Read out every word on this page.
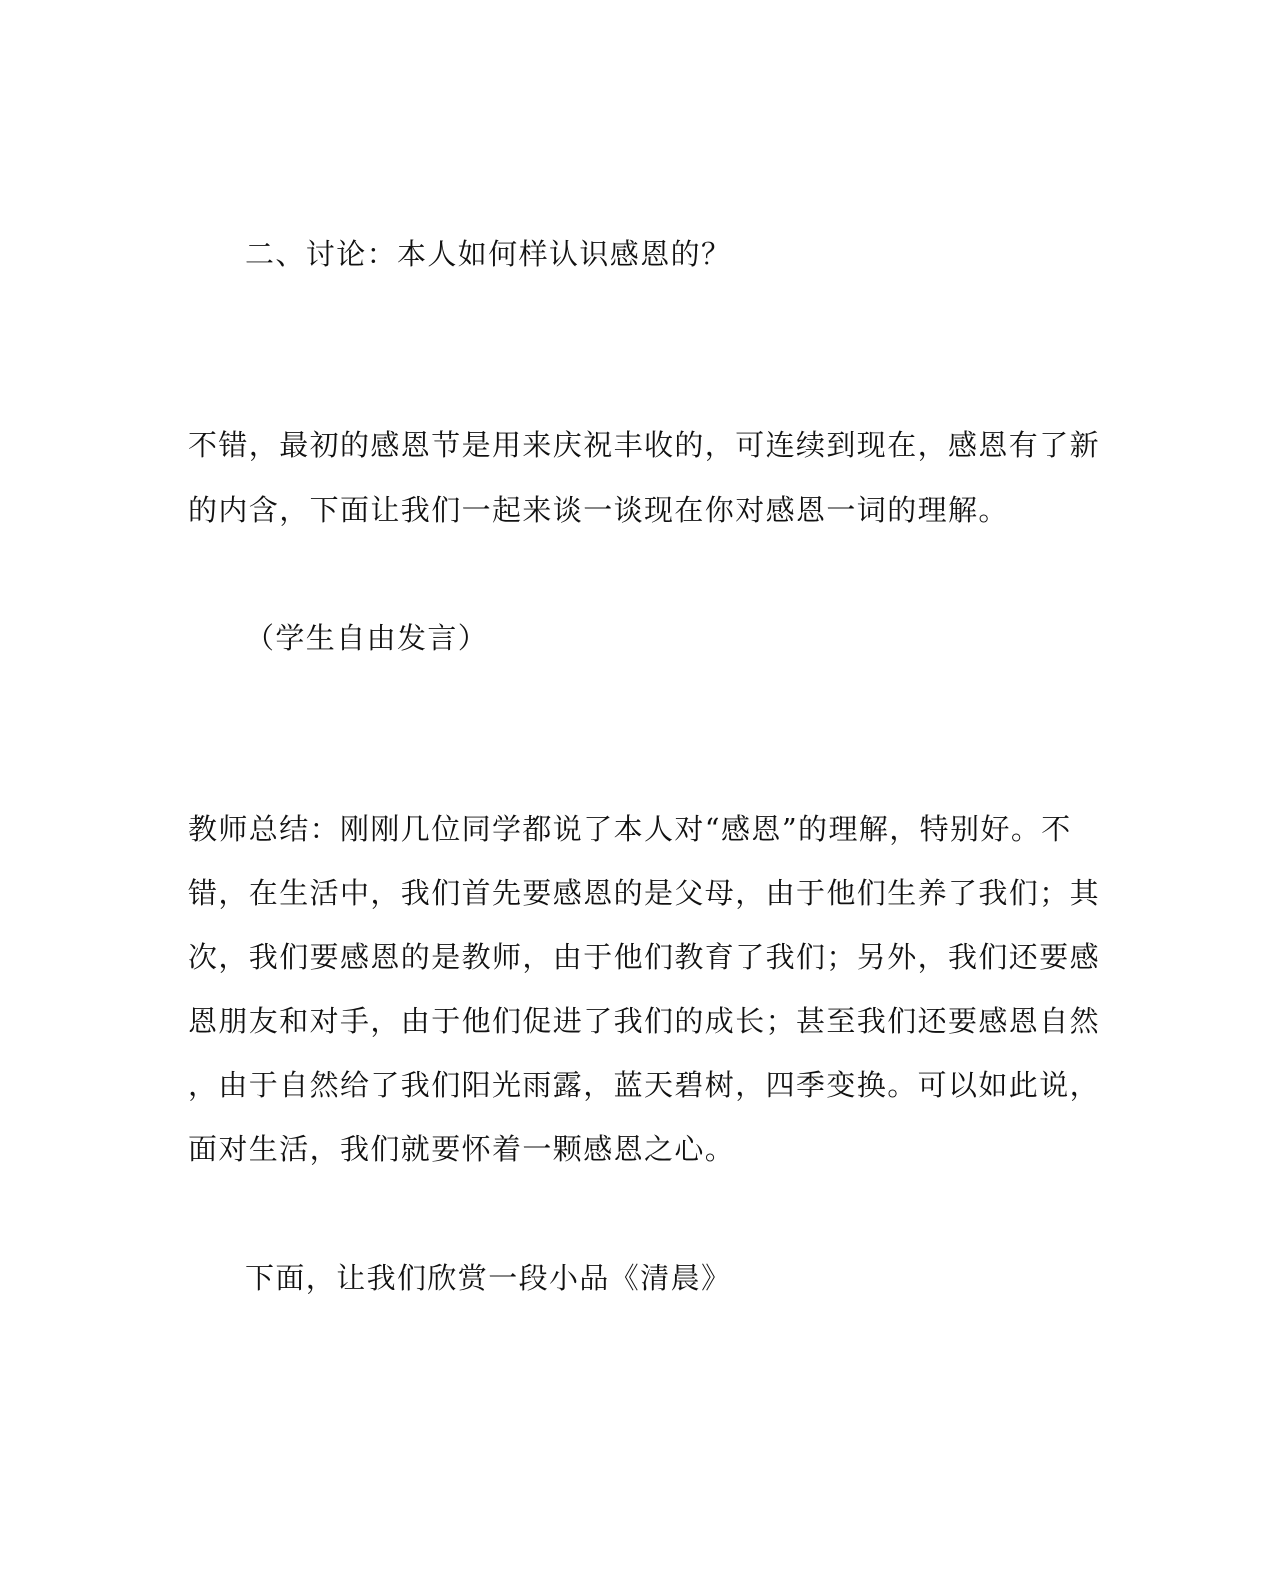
二、讨论：本人如何样认识感恩的？
不错，最初的感恩节是用来庆祝丰收的，可连续到现在，感恩有了新
的内含，下面让我们一起来谈一谈现在你对感恩一词的理解。
（学生自由发言）
教师总结：刚刚几位同学都说了本人对“感恩”的理解，特别好。不
错，在生活中，我们首先要感恩的是父母，由于他们生养了我们；其
次，我们要感恩的是教师，由于他们教育了我们；另外，我们还要感
恩朋友和对手，由于他们促进了我们的成长；甚至我们还要感恩自然
，由于自然给了我们阳光雨露，蓝天碧树，四季变换。可以如此说，
面对生活，我们就要怀着一颗感恩之心。
下面，让我们欣赏一段小品《清晨》
